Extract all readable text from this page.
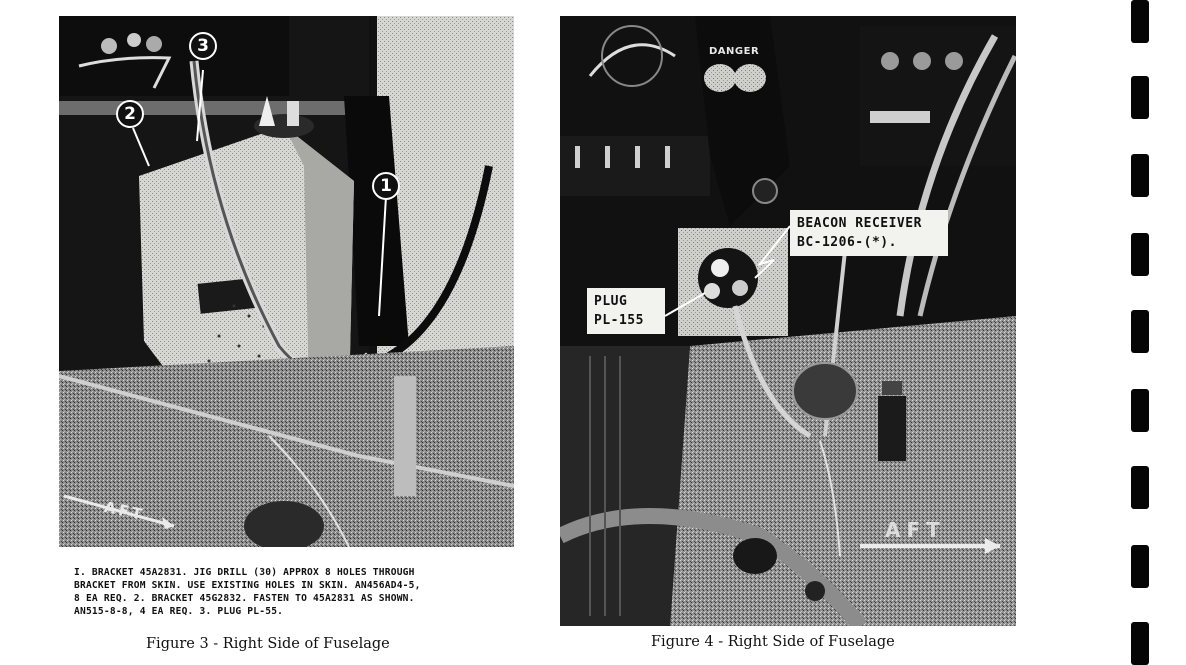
3
2
1
AFT
I. BRACKET 45A2831. JIG DRILL (30) APPROX 8 HOLES THROUGH
BRACKET FROM SKIN. USE EXISTING HOLES IN SKIN. AN456AD4-5,
8 EA REQ. 2. BRACKET 45G2832. FASTEN TO 45A2831 AS SHOWN.
AN515-8-8, 4 EA REQ. 3. PLUG PL-55.
Figure 3 - Right Side of Fuselage
DANGER
AFT
BEACON RECEIVER
BC-1206-(*).
PLUG
PL-155
Figure 4 - Right Side of Fuselage
